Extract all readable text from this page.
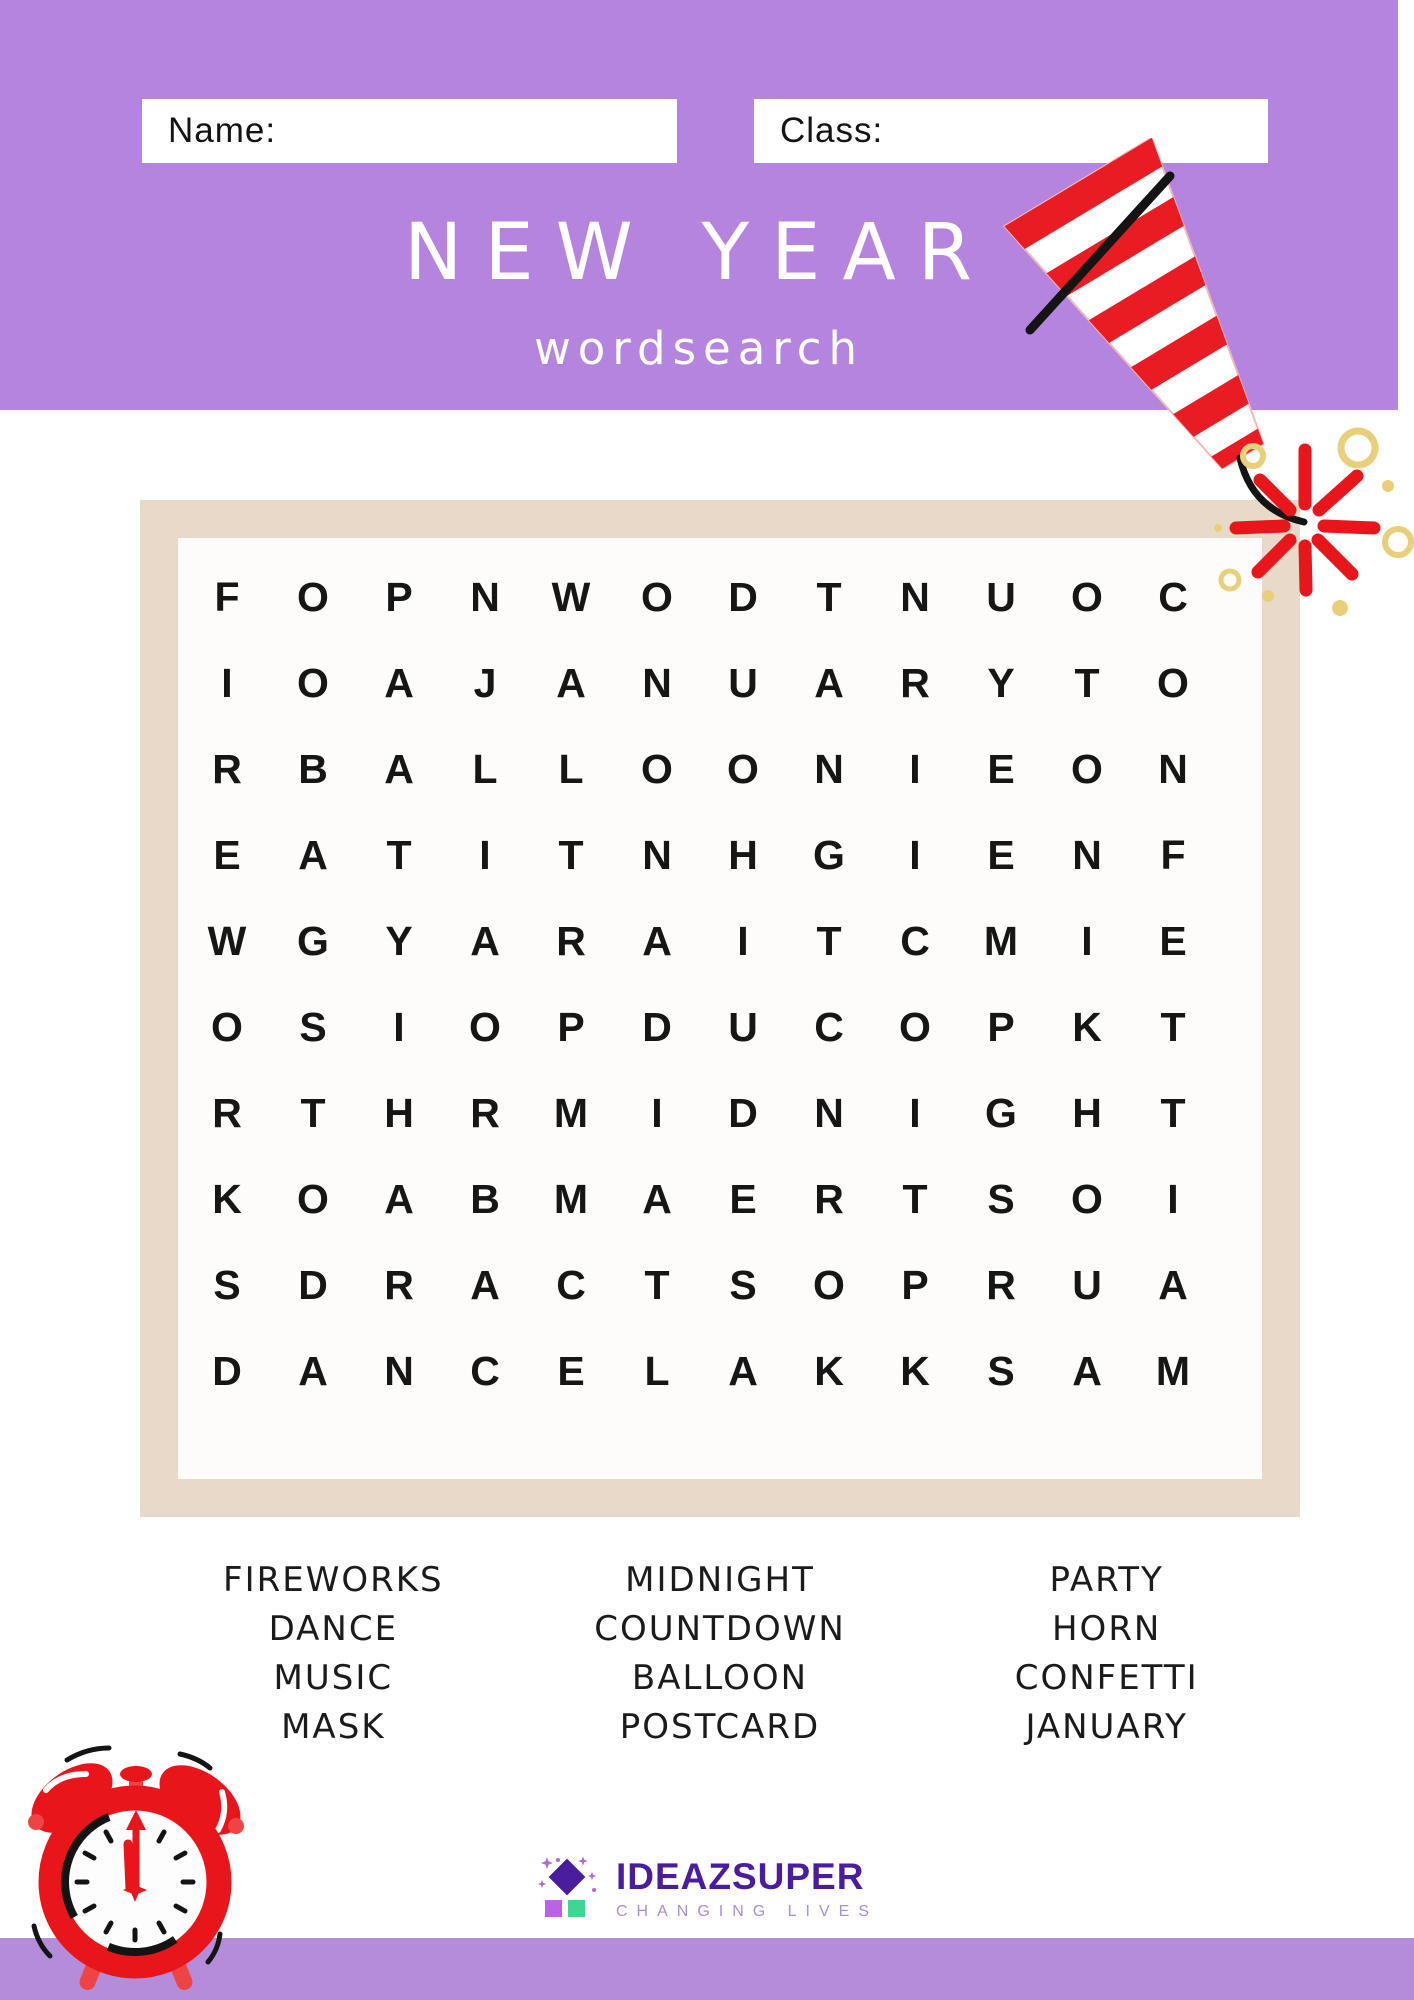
Name:	Class:
NEW YEAR
wordsearch
F	O	P	N	W	O	D	T	N	U	O	C
I	O	A	J	A	N	U	A	R	Y	T	O
R	B	A	L	L	O	O	N	I	E	O	N
E	A	T	I	T	N	H	G	I	E	N	F
W	G	Y	A	R	A	I	T	C	M	I	E
O	S	I	O	P	D	U	C	O	P	K	T
R	T	H	R	M	I	D	N	I	G	H	T
K	O	A	B	M	A	E	R	T	S	O	I
S	D	R	A	C	T	S	O	P	R	U	A
D	A	N	C	E	L	A	K	K	S	A	M
FIREWORKS
DANCE
MUSIC
MASK
MIDNIGHT
COUNTDOWN
BALLOON
POSTCARD
PARTY
HORN
CONFETTI
JANUARY
IDEAZSUPER
CHANGING LIVES
